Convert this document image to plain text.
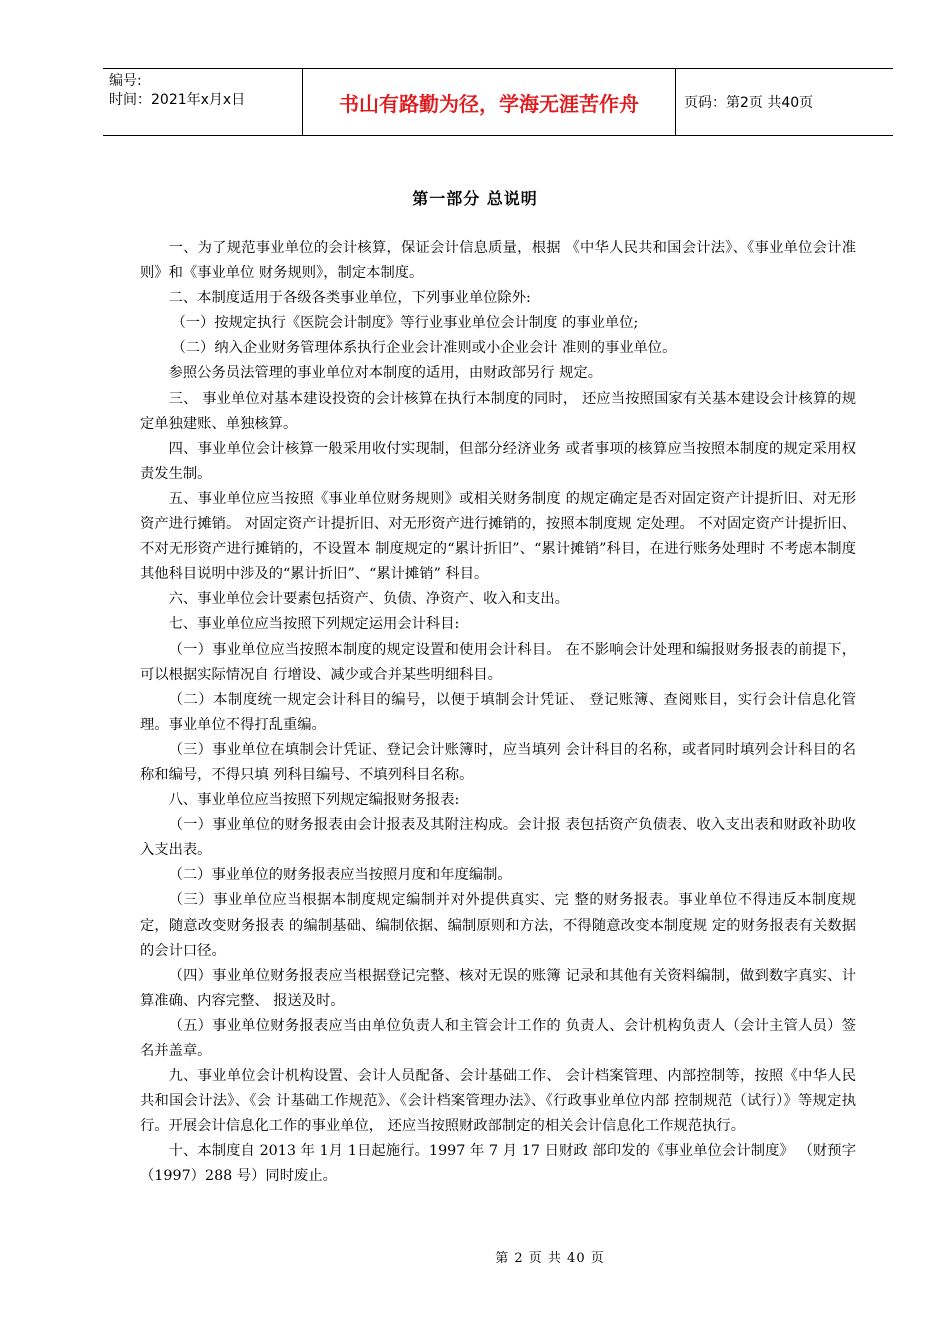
编号:
时间：2021年x月x日	书山有路勤为径，学海无涯苦作舟	页码：第2页 共40页
第一部分 总说明

一、为了规范事业单位的会计核算，保证会计信息质量，根据 《中华人民共和国会计法》、《事业单位会计准则》和《事业单位 财务规则》，制定本制度。

二、本制度适用于各级各类事业单位，下列事业单位除外:

（一）按规定执行《医院会计制度》等行业事业单位会计制度 的事业单位;

（二）纳入企业财务管理体系执行企业会计准则或小企业会计 准则的事业单位。

参照公务员法管理的事业单位对本制度的适用，由财政部另行 规定。

三、 事业单位对基本建设投资的会计核算在执行本制度的同时， 还应当按照国家有关基本建设会计核算的规定单独建账、单独核算。

四、事业单位会计核算一般采用收付实现制，但部分经济业务 或者事项的核算应当按照本制度的规定采用权责发生制。

五、事业单位应当按照《事业单位财务规则》或相关财务制度 的规定确定是否对固定资产计提折旧、对无形资产进行摊销。 对固定资产计提折旧、对无形资产进行摊销的，按照本制度规 定处理。 不对固定资产计提折旧、不对无形资产进行摊销的，不设置本 制度规定的“累计折旧”、“累计摊销”科目，在进行账务处理时 不考虑本制度其他科目说明中涉及的“累计折旧”、“累计摊销” 科目。

六、事业单位会计要素包括资产、负债、净资产、收入和支出。

七、事业单位应当按照下列规定运用会计科目:

（一）事业单位应当按照本制度的规定设置和使用会计科目。 在不影响会计处理和编报财务报表的前提下，可以根据实际情况自 行增设、减少或合并某些明细科目。

（二）本制度统一规定会计科目的编号，以便于填制会计凭证、 登记账簿、查阅账目，实行会计信息化管理。事业单位不得打乱重编。

（三）事业单位在填制会计凭证、登记会计账簿时，应当填列 会计科目的名称，或者同时填列会计科目的名称和编号，不得只填 列科目编号、不填列科目名称。

八、事业单位应当按照下列规定编报财务报表:

（一）事业单位的财务报表由会计报表及其附注构成。会计报 表包括资产负债表、收入支出表和财政补助收入支出表。

（二）事业单位的财务报表应当按照月度和年度编制。

（三）事业单位应当根据本制度规定编制并对外提供真实、完 整的财务报表。事业单位不得违反本制度规定，随意改变财务报表 的编制基础、编制依据、编制原则和方法，不得随意改变本制度规 定的财务报表有关数据的会计口径。

（四）事业单位财务报表应当根据登记完整、核对无误的账簿 记录和其他有关资料编制，做到数字真实、计算准确、内容完整、 报送及时。

（五）事业单位财务报表应当由单位负责人和主管会计工作的 负责人、会计机构负责人（会计主管人员）签名并盖章。

九、事业单位会计机构设置、会计人员配备、会计基础工作、 会计档案管理、内部控制等，按照《中华人民共和国会计法》、《会 计基础工作规范》、《会计档案管理办法》、《行政事业单位内部 控制规范（试行）》等规定执行。开展会计信息化工作的事业单位， 还应当按照财政部制定的相关会计信息化工作规范执行。

十、本制度自 2013 年 1月 1日起施行。1997 年 7 月 17 日财政 部印发的《事业单位会计制度》 （财预字（1997）288 号）同时废止。

第 2 页 共 40 页
